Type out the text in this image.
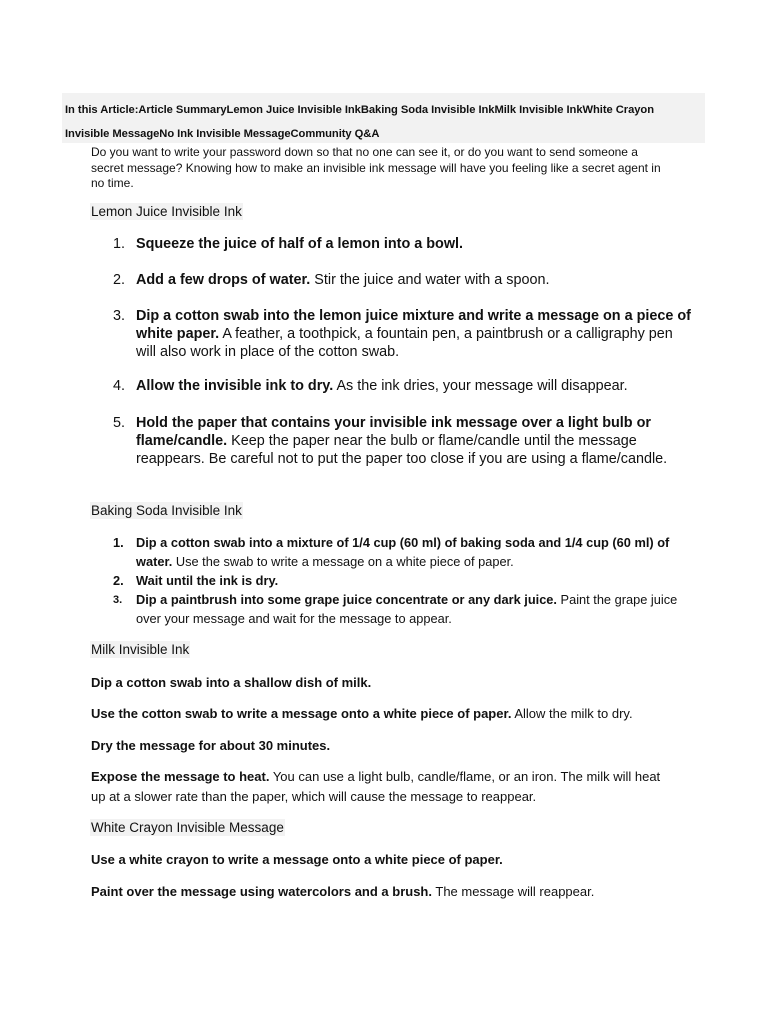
In this Article:Article SummaryLemon Juice Invisible InkBaking Soda Invisible InkMilk Invisible InkWhite Crayon
Invisible MessageNo Ink Invisible MessageCommunity Q&A

Do you want to write your password down so that no one can see it, or do you want to send someone a secret message? Knowing how to make an invisible ink message will have you feeling like a secret agent in no time.

Lemon Juice Invisible Ink
1. Squeeze the juice of half of a lemon into a bowl.
2. Add a few drops of water. Stir the juice and water with a spoon.
3. Dip a cotton swab into the lemon juice mixture and write a message on a piece of white paper. A feather, a toothpick, a fountain pen, a paintbrush or a calligraphy pen will also work in place of the cotton swab.
4. Allow the invisible ink to dry. As the ink dries, your message will disappear.
5. Hold the paper that contains your invisible ink message over a light bulb or flame/candle. Keep the paper near the bulb or flame/candle until the message reappears. Be careful not to put the paper too close if you are using a flame/candle.
Baking Soda Invisible Ink
1. Dip a cotton swab into a mixture of 1/4 cup (60 ml) of baking soda and 1/4 cup (60 ml) of water. Use the swab to write a message on a white piece of paper.
2. Wait until the ink is dry.
3. Dip a paintbrush into some grape juice concentrate or any dark juice. Paint the grape juice over your message and wait for the message to appear.
Milk Invisible Ink

Dip a cotton swab into a shallow dish of milk.

Use the cotton swab to write a message onto a white piece of paper. Allow the milk to dry.

Dry the message for about 30 minutes.

Expose the message to heat. You can use a light bulb, candle/flame, or an iron. The milk will heat up at a slower rate than the paper, which will cause the message to reappear.

White Crayon Invisible Message

Use a white crayon to write a message onto a white piece of paper.

Paint over the message using watercolors and a brush. The message will reappear.
